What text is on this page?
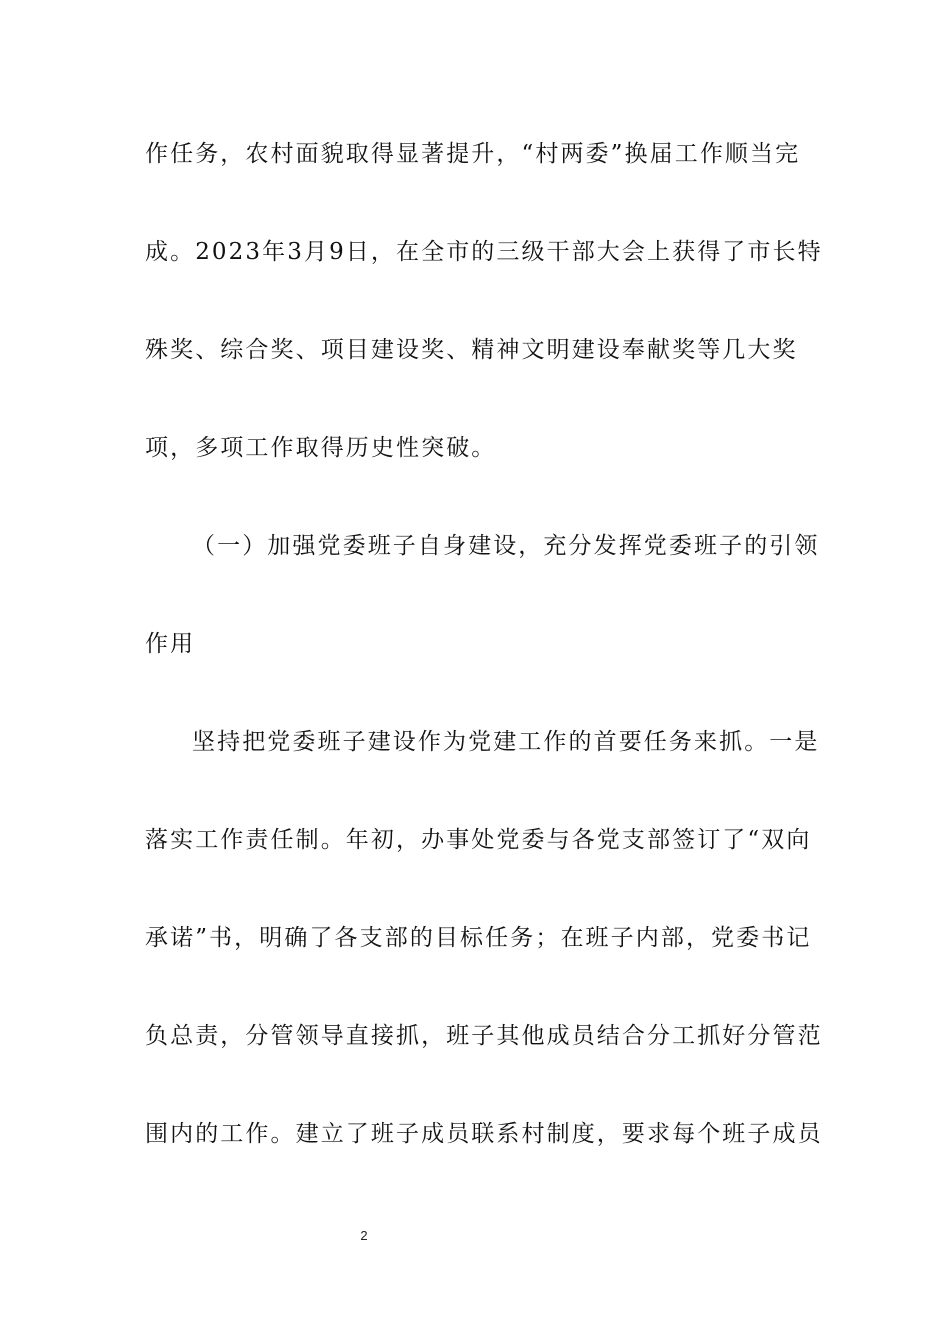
作任务，农村面貌取得显著提升，“村两委”换届工作顺当完
成。2023年3月9日，在全市的三级干部大会上获得了市长特
殊奖、综合奖、项目建设奖、精神文明建设奉献奖等几大奖
项，多项工作取得历史性突破。
（一）加强党委班子自身建设，充分发挥党委班子的引领
作用
坚持把党委班子建设作为党建工作的首要任务来抓。一是
落实工作责任制。年初，办事处党委与各党支部签订了“双向
承诺”书，明确了各支部的目标任务；在班子内部，党委书记
负总责，分管领导直接抓，班子其他成员结合分工抓好分管范
围内的工作。建立了班子成员联系村制度，要求每个班子成员
2
